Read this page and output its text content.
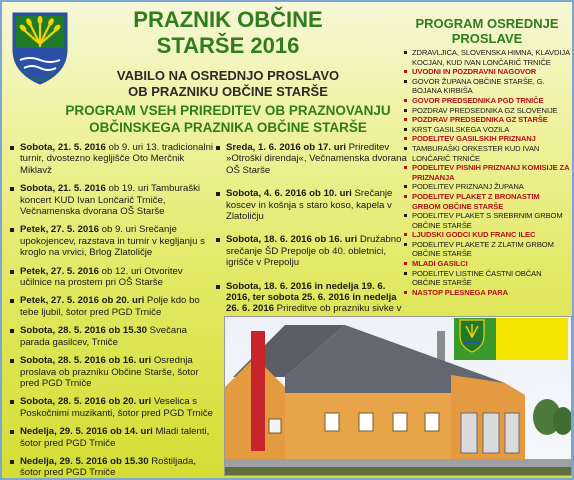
PRAZNIK OBČINE

STARŠE 2016

VABILO NA OSREDNJO PROSLAVO

OB PRAZNIKU OBČINE STARŠE

PROGRAM VSEH PRIREDITEV OB PRAZNOVANJU

OBČINSKEGA PRAZNIKA OBČINE STARŠE

Sobota, 21. 5. 2016 ob 9. uri 13. tradicionalni turnir, dvostezno kegljišče Oto Merčnik Miklavž
Sobota, 21. 5. 2016 ob 19. uri Tamburaški koncert KUD Ivan Lončarič Trniče, Večnamenska dvorana OŠ Starše
Petek, 27. 5. 2016 ob 9. uri Srečanje upokojencev, razstava in turnir v kegljanju s kroglo na vrvici, Brlog Zlatoličje
Petek, 27. 5. 2016 ob 12. uri Otvoritev učilnice na prostem pri OŠ Starše
Petek, 27. 5. 2016 ob 20. uri Polje kdo bo tebe ljubil, šotor pred PGD Trniče
Sobota, 28. 5. 2016 ob 15.30 Svečana parada gasilcev, Trniče
Sobota, 28. 5. 2016 ob 16. uri Osrednja proslava ob prazniku Občine Starše, šotor pred PGD Trniče
Sobota, 28. 5. 2016 ob 20. uri Veselica s Poskočnimi muzikanti, šotor pred PGD Trniče
Nedelja, 29. 5. 2016 ob 14. uri Mladi talenti, šotor pred PGD Trniče
Nedelja, 29. 5. 2016 ob 15.30 Roštiljada, šotor pred PGD Trniče
Sreda, 1. 6. 2016 ob 17. uri Prireditev »Otroški direndaj«, Večnamenska dvorana OŠ Starše
Sobota, 4. 6. 2016 ob 10. uri Srečanje koscev in košnja s staro koso, kapela v Zlatoličju
Sobota, 18. 6. 2016 ob 16. uri Družabno srečanje ŠD Prepolje ob 40. obletnici, igrišče v Prepolju
Sobota, 18. 6. 2016 in nedelja 19. 6. 2016, ter sobota 25. 6. 2016 in nedelja 26. 6. 2016 Prireditve ob prazniku sivke v

PROGRAM OSREDNJE

PROSLAVE

ZDRAVLJICA, SLOVENSKA HIMNA, KLAVDIJA KOCJAN, KUD IVAN LONČARIČ TRNIČE
UVODNI IN POZDRAVNI NAGOVOR
GOVOR ŽUPANA OBČINE STARŠE, G. BOJANA KIRBIŠA
GOVOR PREDSEDNIKA PGD TRNIČE
POZDRAV PREDSEDNIKA GZ SLOVENIJE
POZDRAV PREDSEDNIKA GZ STARŠE
KRST GASILSKEGA VOZILA
PODELITEV GASILSKIH PRIZNANJ
TAMBURAŠKI ORKESTER KUD IVAN LONČARIČ TRNIČE
PODELITEV PISNIH PRIZNANJ KOMISIJE ZA PRIZNANJA
PODELITEV PRIZNANJ ŽUPANA
PODELITEV PLAKET Z BRONASTIM GRBOM OBČINE STARŠE
PODELITEV PLAKET S SREBRNIM GRBOM OBČINE STARŠE
LJUDSKI GODCI KUD FRANC ILEC
PODELITEV PLAKETE Z ZLATIM GRBOM OBČINE STARŠE
MLADI GASILCI
PODELITEV LISTINE ČASTNI OBČAN OBČINE STARŠE
NASTOP PLESNEGA PARA
